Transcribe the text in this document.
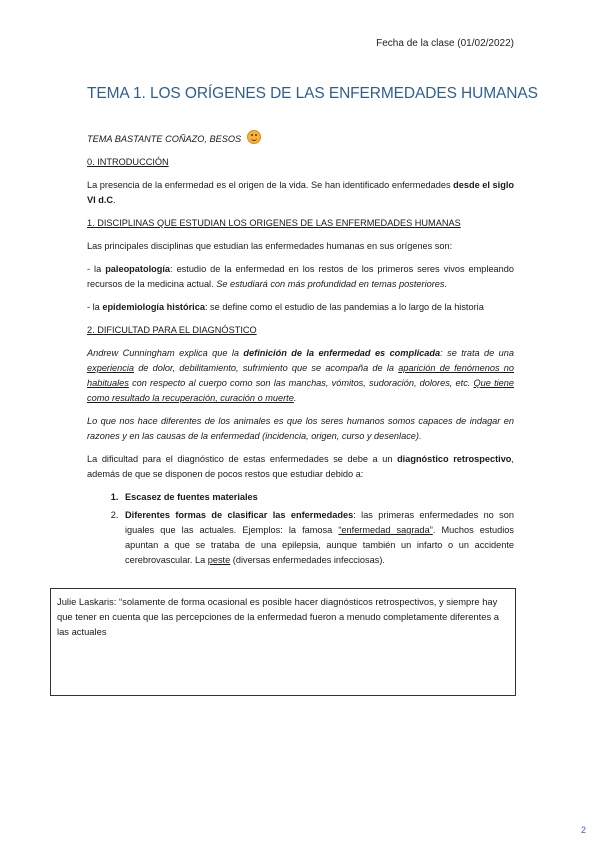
Fecha de la clase (01/02/2022)
TEMA 1. LOS ORÍGENES DE LAS ENFERMEDADES HUMANAS

TEMA BASTANTE COÑAZO, BESOS

0. INTRODUCCIÓN

La presencia de la enfermedad es el origen de la vida. Se han identificado enfermedades desde el siglo VI d.C.

1. DISCIPLINAS QUE ESTUDIAN LOS ORIGENES DE LAS ENFERMEDADES HUMANAS

Las principales disciplinas que estudian las enfermedades humanas en sus orígenes son:

- la paleopatología: estudio de la enfermedad en los restos de los primeros seres vivos empleando recursos de la medicina actual. Se estudiará con más profundidad en temas posteriores.

- la epidemiología histórica: se define como el estudio de las pandemias a lo largo de la historia

2. DIFICULTAD PARA EL DIAGNÓSTICO

Andrew Cunningham explica que la definición de la enfermedad es complicada: se trata de una experiencia de dolor, debilitamiento, sufrimiento que se acompaña de la aparición de fenómenos no habituales con respecto al cuerpo como son las manchas, vómitos, sudoración, dolores, etc. Que tiene como resultado la recuperación, curación o muerte.

Lo que nos hace diferentes de los animales es que los seres humanos somos capaces de indagar en razones y en las causas de la enfermedad (incidencia, origen, curso y desenlace).

La dificultad para el diagnóstico de estas enfermedades se debe a un diagnóstico retrospectivo, además de que se disponen de pocos restos que estudiar debido a:

1. Escasez de fuentes materiales
2. Diferentes formas de clasificar las enfermedades: las primeras enfermedades no son iguales que las actuales. Ejemplos: la famosa “enfermedad sagrada”. Muchos estudios apuntan a que se trataba de una epilepsia, aunque también un infarto o un accidente cerebrovascular. La peste (diversas enfermedades infecciosas).
Julie Laskaris: “solamente de forma ocasional es posible hacer diagnósticos retrospectivos, y siempre hay que tener en cuenta que las percepciones de la enfermedad fueron a menudo completamente diferentes a las actuales
2
